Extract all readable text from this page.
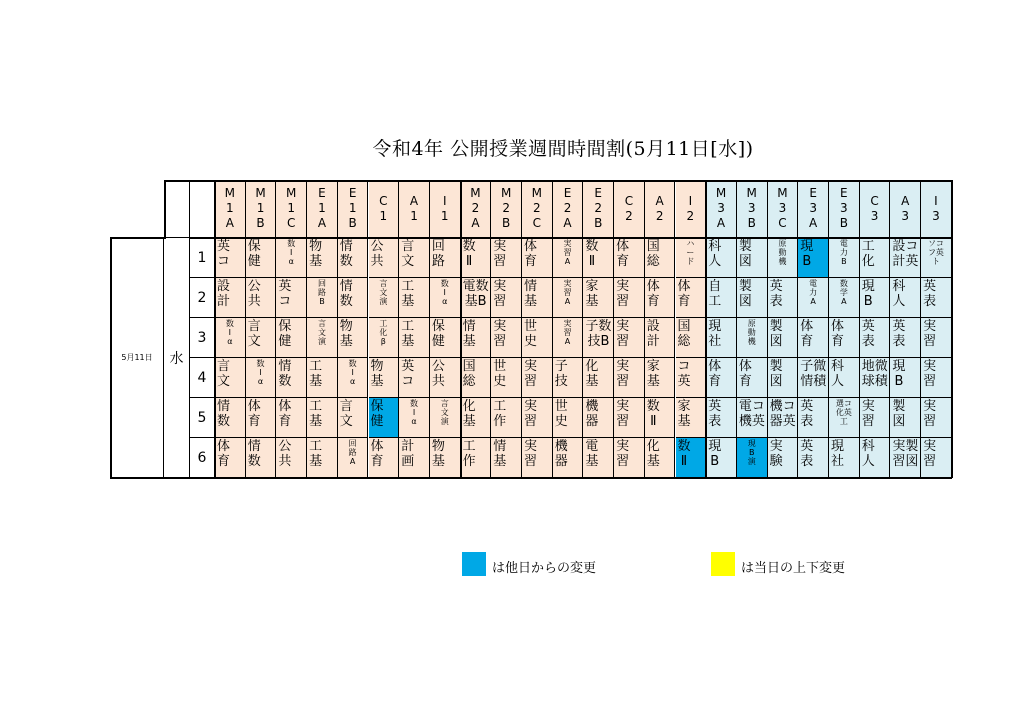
令和4年 公開授業週間時間割(5月11日[水])
M
1
A
M
1
B
M
1
C
E
1
A
E
1
B
C
1
A
1
I
1
M
2
A
M
2
B
M
2
C
E
2
A
E
2
B
C
2
A
2
I
2
M
3
A
M
3
B
M
3
C
E
3
A
E
3
B
C
3
A
3
I
3
5月11日	水
1
2
3
4
5
6
英
コ
保
健
数
I
α
物
基
情
数
公
共
言
文
回
路
数
Ⅱ
実
習
体
育
実
習
A
数
Ⅱ
体
育
国
総
ハ
ー
ド
科
人
製
図
原
動
機
現
B
電
力
B
工
化
設コ
計英
ソコ
フ英
ト
設
計
公
共
英
コ
回
路
B
情
数
言
文
演
工
基
数
I
α
電数
基B
実
習
情
基
実
習
A
家
基
実
習
体
育
体
育
自
工
製
図
英
表
電
力
A
数
学
A
現
B
科
人
英
表
数
I
α
言
文
保
健
言
文
演
物
基
工
化
β
工
基
保
健
情
基
実
習
世
史
実
習
A
子数
技B
実
習
設
計
国
総
現
社
原
動
機
製
図
体
育
体
育
英
表
英
表
実
習
言
文
数
I
α
情
数
工
基
数
I
α
物
基
英
コ
公
共
国
総
世
史
実
習
子
技
化
基
実
習
家
基
コ
英
体
育
体
育
製
図
子微
情積
科
人
地微
球積
現
B
実
習
情
数
体
育
体
育
工
基
言
文
保
健
数
I
α
言
文
演
化
基
工
作
実
習
世
史
機
器
実
習
数
Ⅱ
家
基
英
表
電コ
機英
機コ
器英
英
表
選コ
化英
工
実
習
製
図
実
習
体
育
情
数
公
共
工
基
回
路
A
体
育
計
画
物
基
工
作
情
基
実
習
機
器
電
基
実
習
化
基
数
Ⅱ
現
B
現
B
演
実
験
英
表
現
社
科
人
実製
習図
実
習
は他日からの変更	は当日の上下変更
